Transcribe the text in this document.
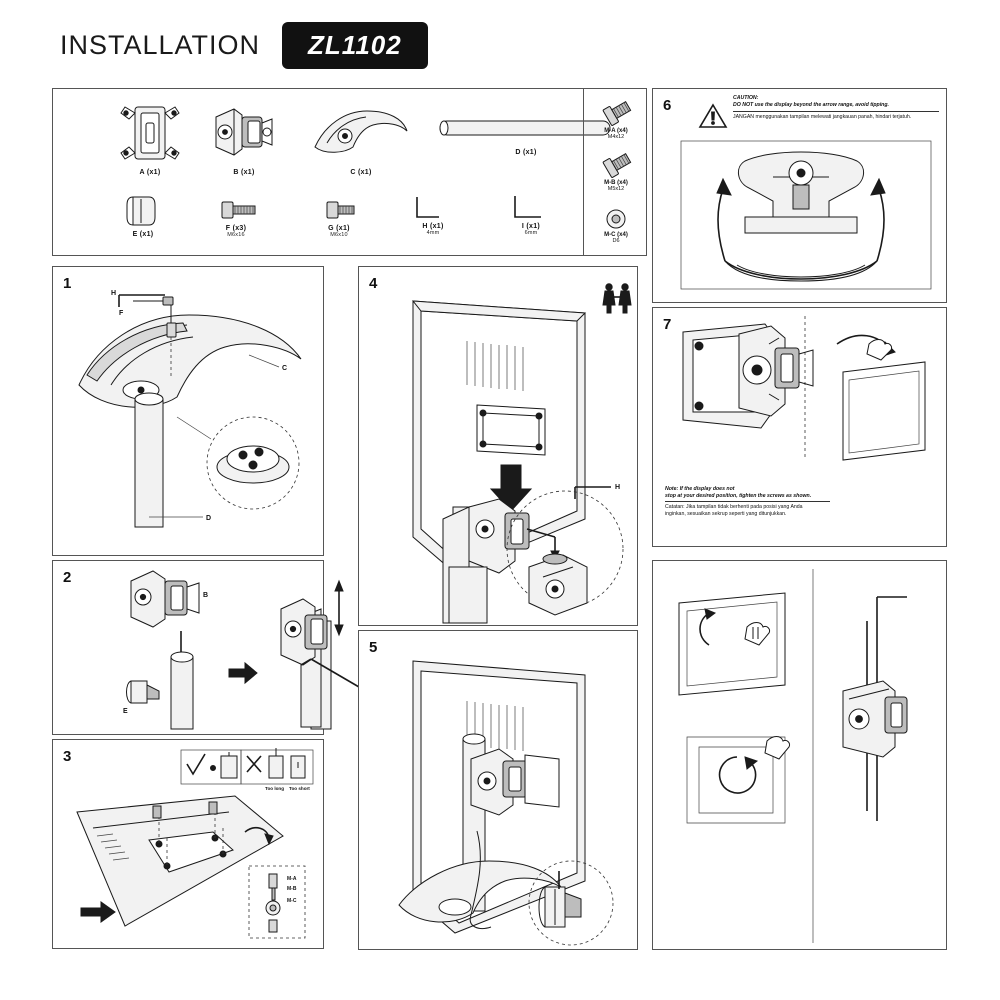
INSTALLATION	ZL1102
A (x1)	B (x1)	C (x1)
D (x1)
E (x1)
F (x3)
M6x16
G (x1)
M6x10
H (x1)
4mm
I (x1)
6mm
M-A (x4)
M4x12
M-B (x4)
M5x12
M-C (x4)
D6
1
H
F
C
D
2
B
E
3
Too long Too short
M-A
M-B
M-C
4
H
5
6	CAUTION:
DO NOT use the display beyond the arrow range, avoid tipping.
JANGAN menggunakan tampilan melewati jangkauan panah, hindari terjatuh.
7
Note: If the display does not
stop at your desired position, tighten the screws as shown.
Catatan: Jika tampilan tidak berhenti pada posisi yang Anda
inginkan, sesuaikan sekrup seperti yang ditunjukkan.
